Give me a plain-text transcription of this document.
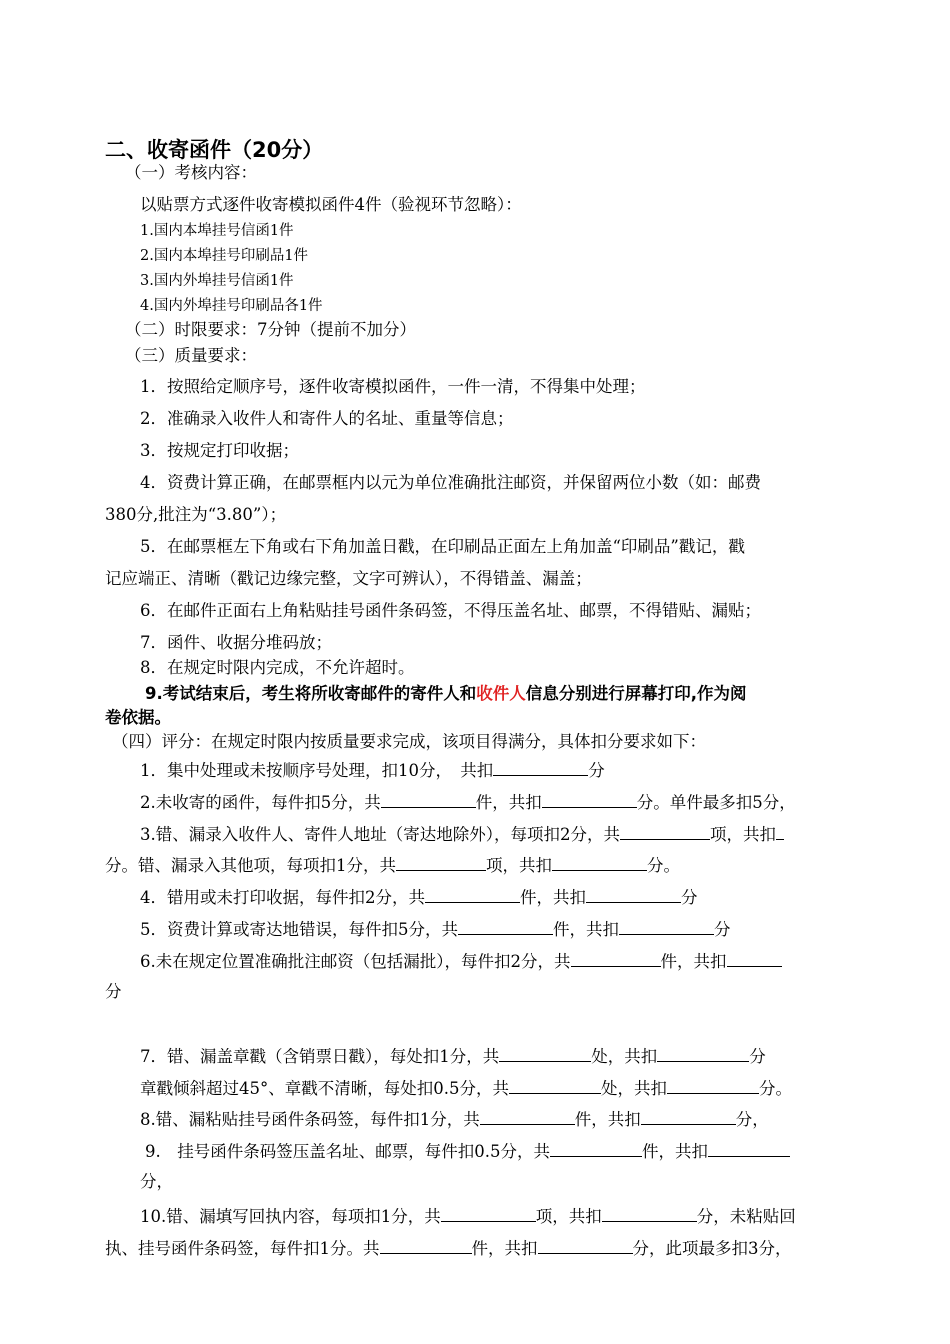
二、收寄函件（20分）
（一）考核内容：
以贴票方式逐件收寄模拟函件4件（验视环节忽略）：
1.国内本埠挂号信函1件
2.国内本埠挂号印刷品1件
3.国内外埠挂号信函1件
4.国内外埠挂号印刷品各1件
（二）时限要求：7分钟（提前不加分）
（三）质量要求：
1．按照给定顺序号，逐件收寄模拟函件，一件一清，不得集中处理；
2．准确录入收件人和寄件人的名址、重量等信息；
3．按规定打印收据；
4．资费计算正确，在邮票框内以元为单位准确批注邮资，并保留两位小数（如：邮费
380分,批注为“3.80”）；
5．在邮票框左下角或右下角加盖日戳，在印刷品正面左上角加盖“印刷品”戳记，戳
记应端正、清晰（戳记边缘完整，文字可辨认），不得错盖、漏盖；
6．在邮件正面右上角粘贴挂号函件条码签，不得压盖名址、邮票，不得错贴、漏贴；
7．函件、收据分堆码放；
8．在规定时限内完成，不允许超时。
9.考试结束后，考生将所收寄邮件的寄件人和收件人信息分别进行屏幕打印,作为阅
卷依据。
（四）评分：在规定时限内按质量要求完成，该项目得满分，具体扣分要求如下：
1．集中处理或未按顺序号处理，扣10分，　共扣	分
2.未收寄的函件，每件扣5分，共	件，共扣	分。单件最多扣5分，
3.错、漏录入收件人、寄件人地址（寄达地除外），每项扣2分，共	项，共扣
分。错、漏录入其他项，每项扣1分，共	项，共扣	分。
4．错用或未打印收据，每件扣2分，共	件，共扣	分
5．资费计算或寄达地错误，每件扣5分，共	件，共扣	分
6.未在规定位置准确批注邮资（包括漏批），每件扣2分，共	件，共扣
分
7．错、漏盖章戳（含销票日戳），每处扣1分，共	处，共扣	分
章戳倾斜超过45°、章戳不清晰，每处扣0.5分，共	处，共扣	分。
8.错、漏粘贴挂号函件条码签，每件扣1分，共	件，共扣	分，
9.　挂号函件条码签压盖名址、邮票，每件扣0.5分，共	件，共扣
分，
10.错、漏填写回执内容，每项扣1分，共	项，共扣	分，未粘贴回
执、挂号函件条码签，每件扣1分。共	件，共扣	分，此项最多扣3分，
